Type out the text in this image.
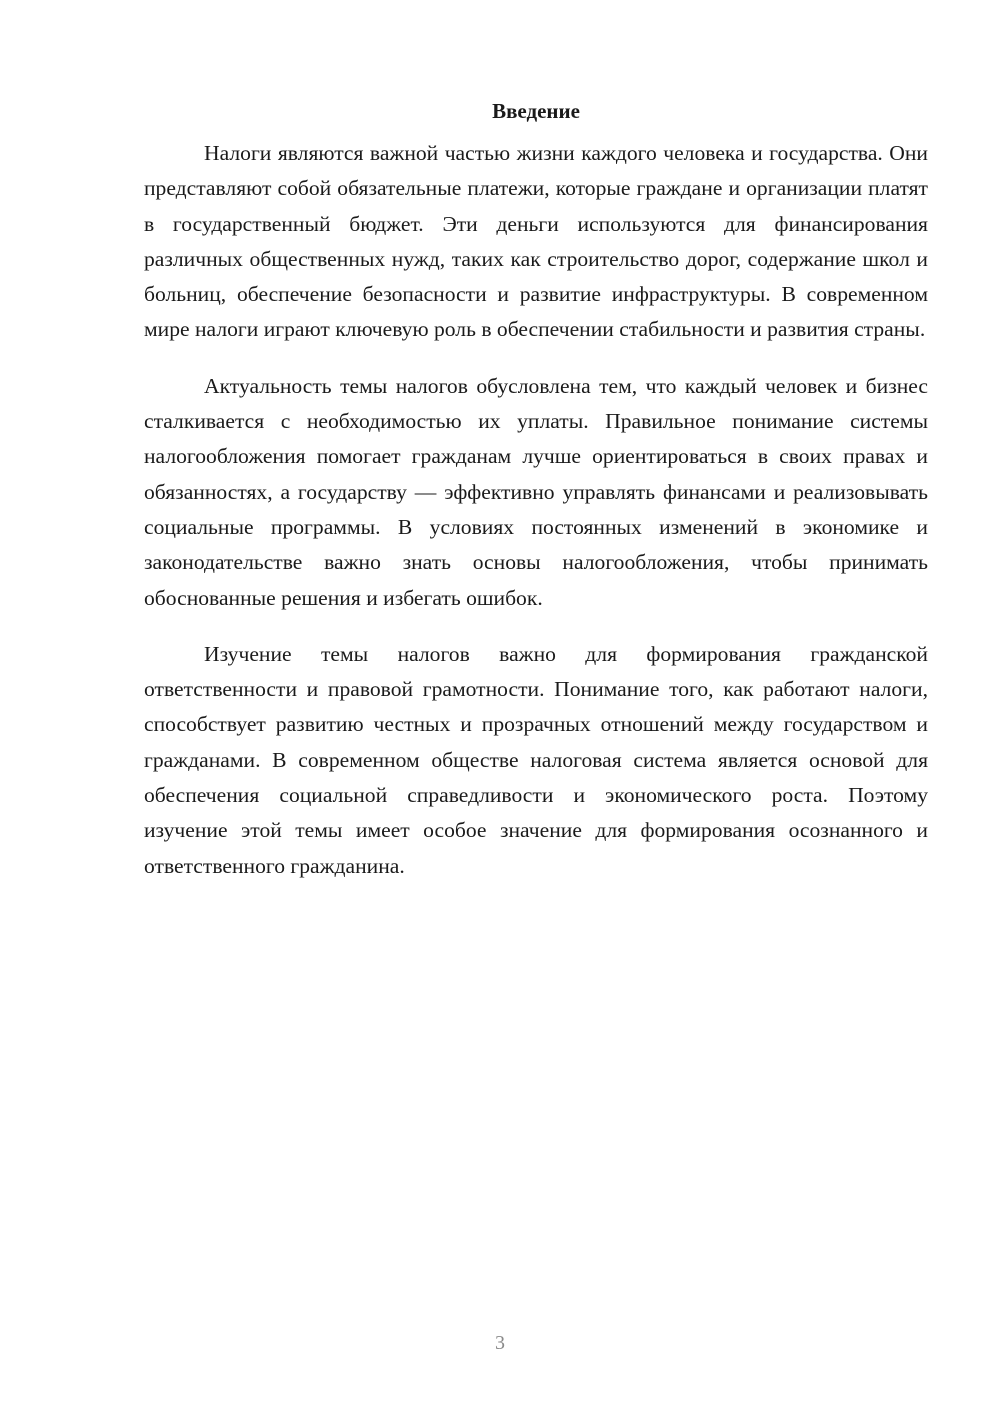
Введение

Налоги являются важной частью жизни каждого человека и государства. Они представляют собой обязательные платежи, которые граждане и организации платят в государственный бюджет. Эти деньги используются для финансирования различных общественных нужд, таких как строительство дорог, содержание школ и больниц, обеспечение безопасности и развитие инфраструктуры. В современном мире налоги играют ключевую роль в обеспечении стабильности и развития страны.

Актуальность темы налогов обусловлена тем, что каждый человек и бизнес сталкивается с необходимостью их уплаты. Правильное понимание системы налогообложения помогает гражданам лучше ориентироваться в своих правах и обязанностях, а государству — эффективно управлять финансами и реализовывать социальные программы. В условиях постоянных изменений в экономике и законодательстве важно знать основы налогообложения, чтобы принимать обоснованные решения и избегать ошибок.

Изучение темы налогов важно для формирования гражданской ответственности и правовой грамотности. Понимание того, как работают налоги, способствует развитию честных и прозрачных отношений между государством и гражданами. В современном обществе налоговая система является основой для обеспечения социальной справедливости и экономического роста. Поэтому изучение этой темы имеет особое значение для формирования осознанного и ответственного гражданина.

3
